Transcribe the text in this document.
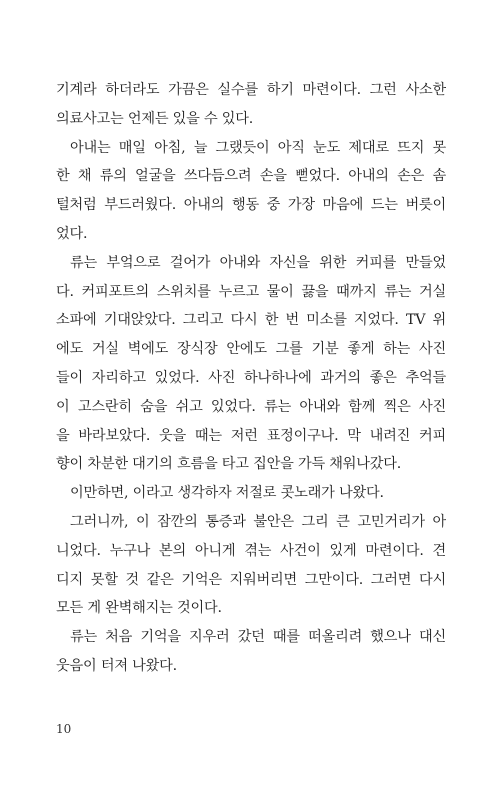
기계라 하더라도 가끔은 실수를 하기 마련이다. 그런 사소한
의료사고는 언제든 있을 수 있다.
아내는 매일 아침, 늘 그랬듯이 아직 눈도 제대로 뜨지 못
한 채 류의 얼굴을 쓰다듬으려 손을 뻗었다. 아내의 손은 솜
털처럼 부드러웠다. 아내의 행동 중 가장 마음에 드는 버릇이
었다.
류는 부엌으로 걸어가 아내와 자신을 위한 커피를 만들었
다. 커피포트의 스위치를 누르고 물이 끓을 때까지 류는 거실
소파에 기대앉았다. 그리고 다시 한 번 미소를 지었다. TV 위
에도 거실 벽에도 장식장 안에도 그를 기분 좋게 하는 사진
들이 자리하고 있었다. 사진 하나하나에 과거의 좋은 추억들
이 고스란히 숨을 쉬고 있었다. 류는 아내와 함께 찍은 사진
을 바라보았다. 웃을 때는 저런 표정이구나. 막 내려진 커피
향이 차분한 대기의 흐름을 타고 집안을 가득 채워나갔다.
이만하면, 이라고 생각하자 저절로 콧노래가 나왔다.
그러니까, 이 잠깐의 통증과 불안은 그리 큰 고민거리가 아
니었다. 누구나 본의 아니게 겪는 사건이 있게 마련이다. 견
디지 못할 것 같은 기억은 지워버리면 그만이다. 그러면 다시
모든 게 완벽해지는 것이다.
류는 처음 기억을 지우러 갔던 때를 떠올리려 했으나 대신
웃음이 터져 나왔다.
10
